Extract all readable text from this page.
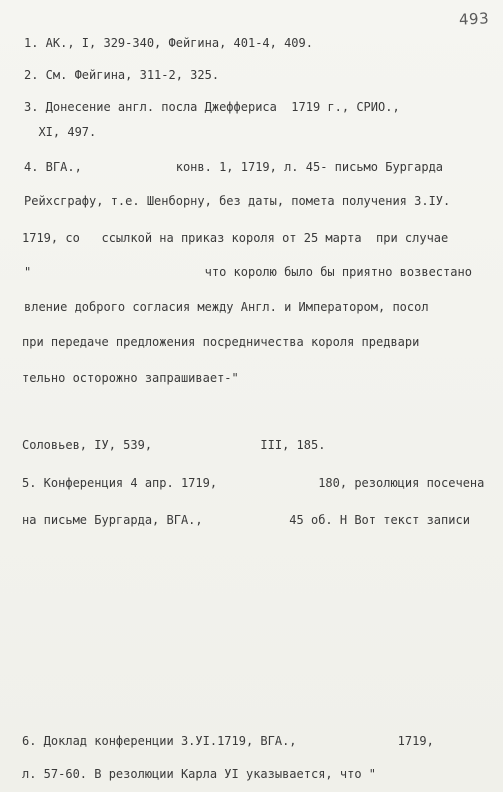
493
1. АК., I, 329-340, Фейгина, 401-4, 409.
2. См. Фейгина, 311-2, 325.
3. Донесение англ. посла Джеффериса  1719 г., СРИО.,
XI, 497.
4. ВГА.,             конв. 1, 1719, л. 45- письмо Бургарда
Рейхсграфу, т.е. Шенборну, без даты, помета получения 3.IУ.
1719, со   ссылкой на приказ короля от 25 марта  при случае
"                        что королю было бы приятно возвестано
вление доброго согласия между Англ. и Императором, посол
при передаче предложения посредничества короля предвари
тельно осторожно запрашивает-"
Соловьев, IУ, 539,               III, 185.
5. Конференция 4 апр. 1719,              180, резолюция посечена
на письме Бургарда, ВГА.,            45 об. Н Вот текст записи
6. Доклад конференции 3.УI.1719, ВГА.,              1719,
л. 57-60. В резолюции Карла УI указывается, что "
